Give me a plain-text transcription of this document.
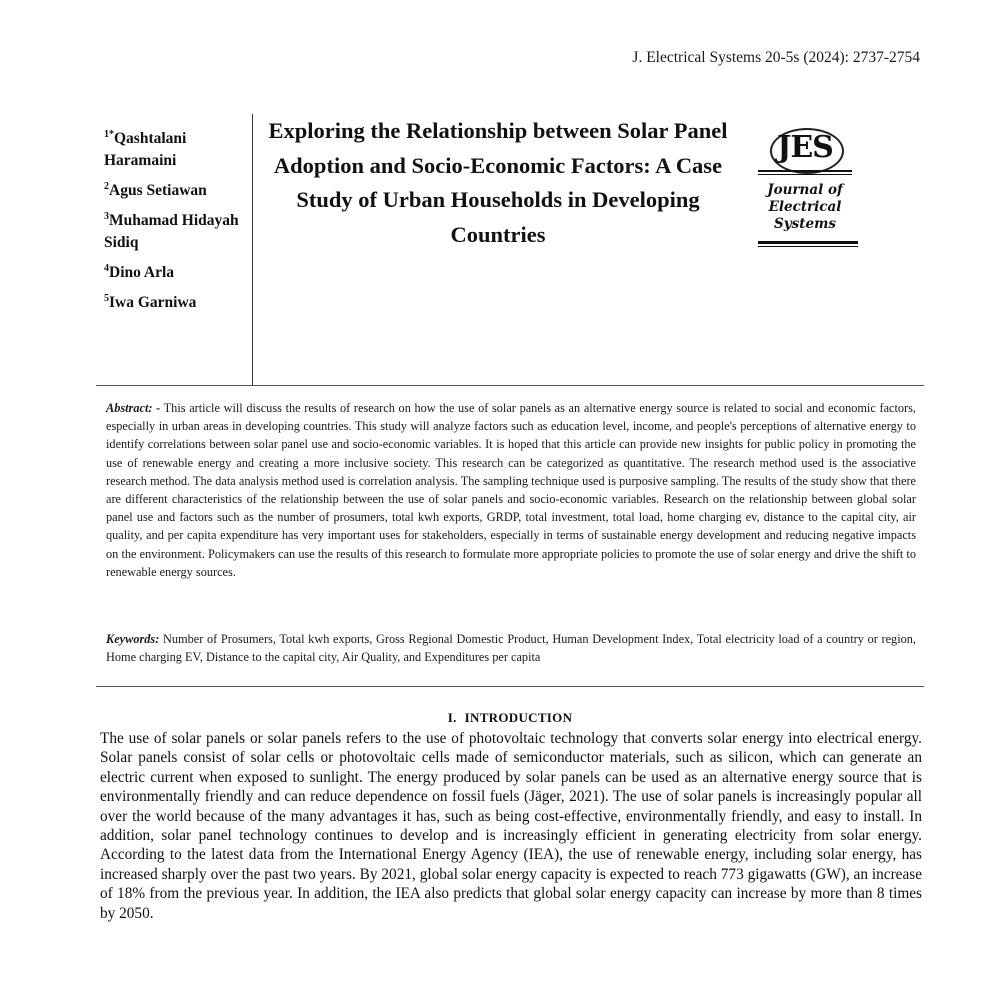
J. Electrical Systems 20-5s (2024): 2737-2754
$^{1*}$Qashtalani Haramaini
$^2$Agus Setiawan
$^3$Muhamad Hidayah Sidiq
$^4$Dino Arla
$^5$Iwa Garniwa
Exploring the Relationship between Solar Panel Adoption and Socio-Economic Factors: A Case Study of Urban Households in Developing Countries
JES
Journal of
Electrical
Systems
Abstract: - This article will discuss the results of research on how the use of solar panels as an alternative energy source is related to social and economic factors, especially in urban areas in developing countries. This study will analyze factors such as education level, income, and people's perceptions of alternative energy to identify correlations between solar panel use and socio-economic variables. It is hoped that this article can provide new insights for public policy in promoting the use of renewable energy and creating a more inclusive society. This research can be categorized as quantitative. The research method used is the associative research method. The data analysis method used is correlation analysis. The sampling technique used is purposive sampling. The results of the study show that there are different characteristics of the relationship between the use of solar panels and socio-economic variables. Research on the relationship between global solar panel use and factors such as the number of prosumers, total kwh exports, GRDP, total investment, total load, home charging ev, distance to the capital city, air quality, and per capita expenditure has very important uses for stakeholders, especially in terms of sustainable energy development and reducing negative impacts on the environment. Policymakers can use the results of this research to formulate more appropriate policies to promote the use of solar energy and drive the shift to renewable energy sources.
Keywords: Number of Prosumers, Total kwh exports, Gross Regional Domestic Product, Human Development Index, Total electricity load of a country or region, Home charging EV, Distance to the capital city, Air Quality, and Expenditures per capita
I. INTRODUCTION
The use of solar panels or solar panels refers to the use of photovoltaic technology that converts solar energy into electrical energy. Solar panels consist of solar cells or photovoltaic cells made of semiconductor materials, such as silicon, which can generate an electric current when exposed to sunlight. The energy produced by solar panels can be used as an alternative energy source that is environmentally friendly and can reduce dependence on fossil fuels (Jäger, 2021). The use of solar panels is increasingly popular all over the world because of the many advantages it has, such as being cost-effective, environmentally friendly, and easy to install. In addition, solar panel technology continues to develop and is increasingly efficient in generating electricity from solar energy. According to the latest data from the International Energy Agency (IEA), the use of renewable energy, including solar energy, has increased sharply over the past two years. By 2021, global solar energy capacity is expected to reach 773 gigawatts (GW), an increase of 18% from the previous year. In addition, the IEA also predicts that global solar energy capacity can increase by more than 8 times by 2050.
